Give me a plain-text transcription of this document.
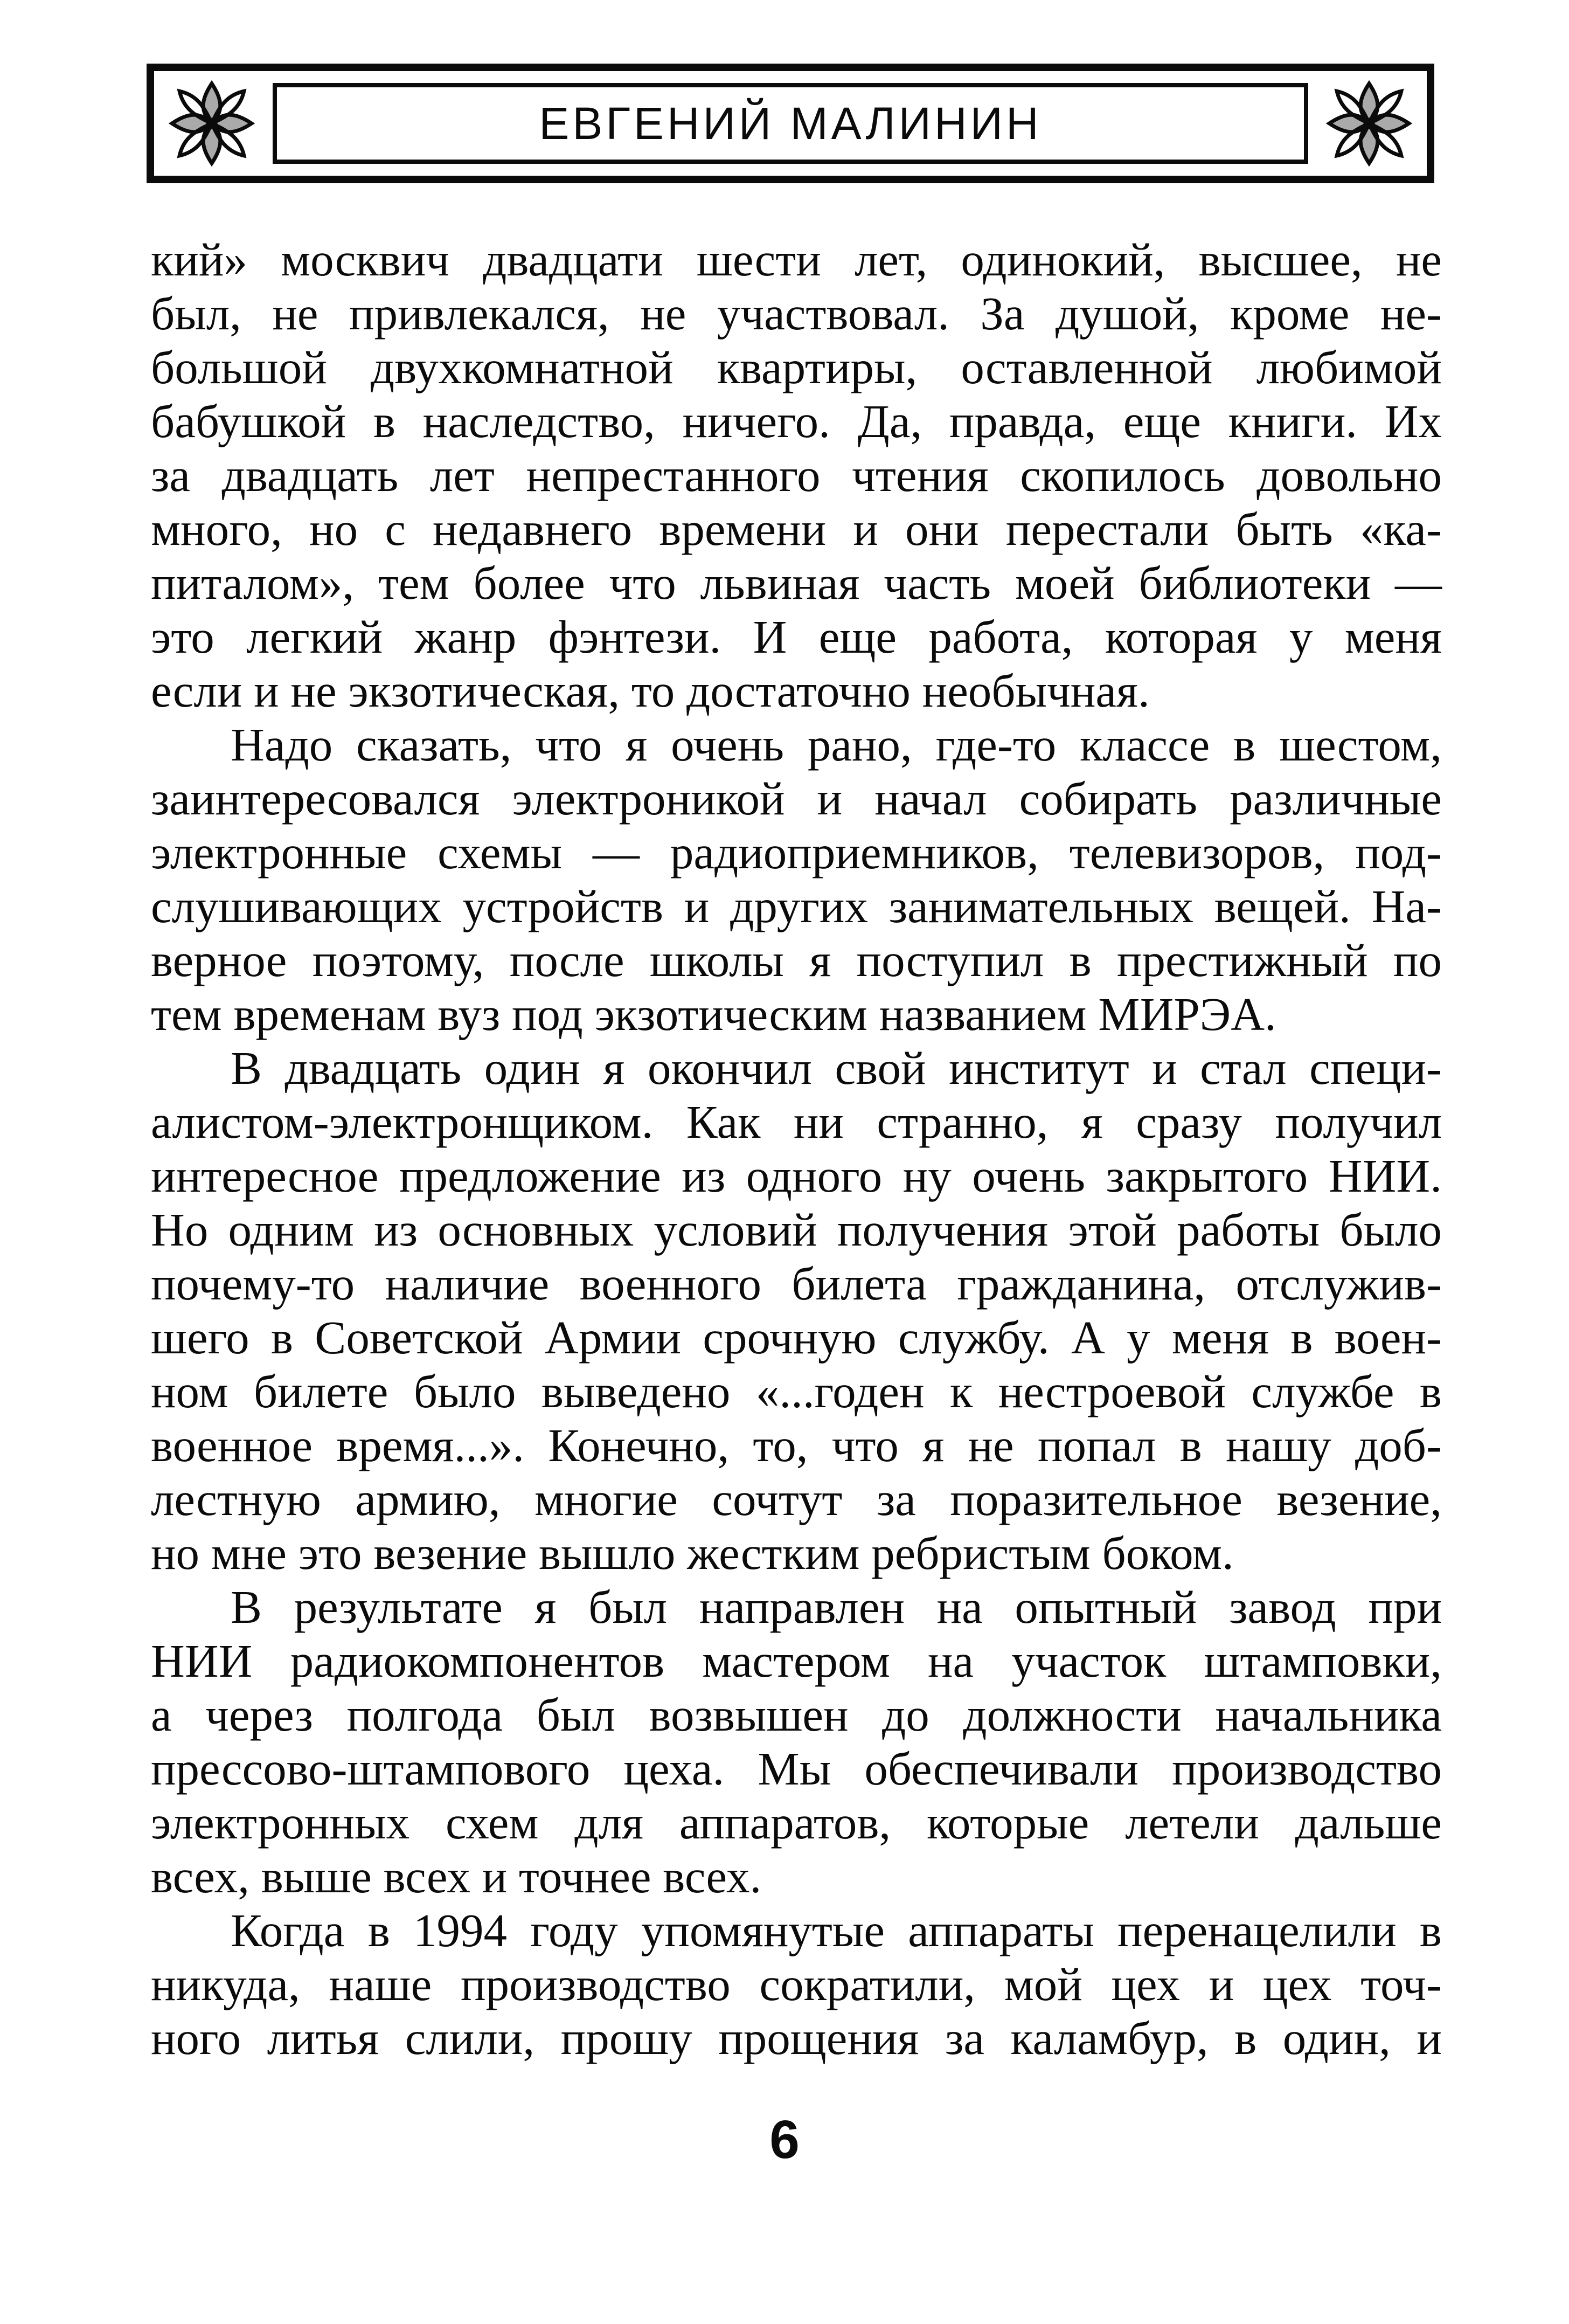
ЕВГЕНИЙ МАЛИНИН
кий» москвич двадцати шести лет, одинокий, высшее, не
был, не привлекался, не участвовал. За душой, кроме не-
большой двухкомнатной квартиры, оставленной любимой
бабушкой в наследство, ничего. Да, правда, еще книги. Их
за двадцать лет непрестанного чтения скопилось довольно
много, но с недавнего времени и они перестали быть «ка-
питалом», тем более что львиная часть моей библиотеки —
это легкий жанр фэнтези. И еще работа, которая у меня
если и не экзотическая, то достаточно необычная.
Надо сказать, что я очень рано, где-то классе в шестом,
заинтересовался электроникой и начал собирать различные
электронные схемы — радиоприемников, телевизоров, под-
слушивающих устройств и других занимательных вещей. На-
верное поэтому, после школы я поступил в престижный по
тем временам вуз под экзотическим названием МИРЭА.
В двадцать один я окончил свой институт и стал специ-
алистом-электронщиком. Как ни странно, я сразу получил
интересное предложение из одного ну очень закрытого НИИ.
Но одним из основных условий получения этой работы было
почему-то наличие военного билета гражданина, отслужив-
шего в Советской Армии срочную службу. А у меня в воен-
ном билете было выведено «...годен к нестроевой службе в
военное время...». Конечно, то, что я не попал в нашу доб-
лестную армию, многие сочтут за поразительное везение,
но мне это везение вышло жестким ребристым боком.
В результате я был направлен на опытный завод при
НИИ радиокомпонентов мастером на участок штамповки,
а через полгода был возвышен до должности начальника
прессово-штампового цеха. Мы обеспечивали производство
электронных схем для аппаратов, которые летели дальше
всех, выше всех и точнее всех.
Когда в 1994 году упомянутые аппараты перенацелили в
никуда, наше производство сократили, мой цех и цех точ-
ного литья слили, прошу прощения за каламбур, в один, и
6
